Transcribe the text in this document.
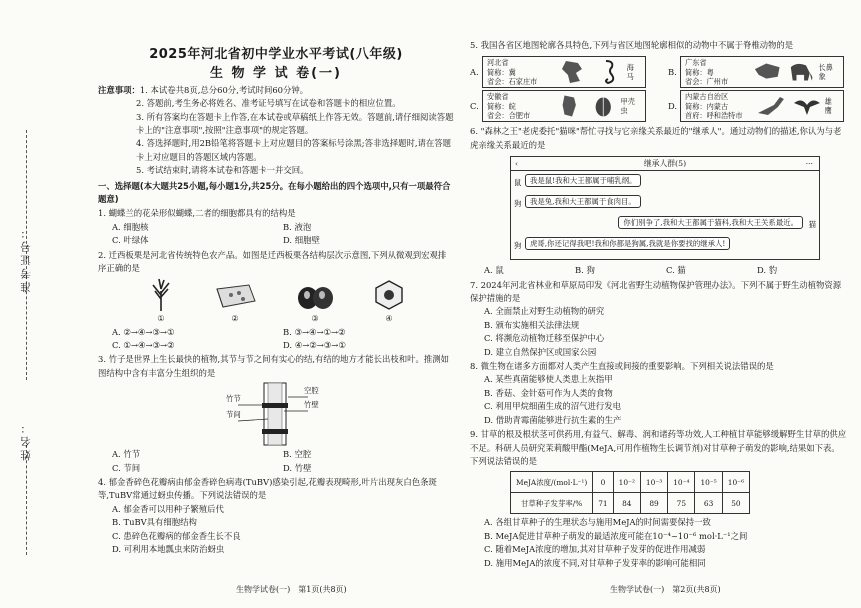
准考证号：
姓名：
2025年河北省初中学业水平考试(八年级)
生 物 学 试 卷(一)
注意事项： 1. 本试卷共8页,总分60分,考试时间60分钟。
2. 答题前,考生务必将姓名、准考证号填写在试卷和答题卡的相应位置。
3. 所有答案均在答题卡上作答,在本试卷或草稿纸上作答无效。答题前,请仔细阅读答题卡上的"注意事项",按照"注意事项"的规定答题。
4. 答选择题时,用2B铅笔将答题卡上对应题目的答案标号涂黑;答非选择题时,请在答题卡上对应题目的答题区域内答题。
5. 考试结束时,请将本试卷和答题卡一并交回。
一、选择题(本大题共25小题,每小题1分,共25分。在每小题给出的四个选项中,只有一项最符合题意)
1. 蝴蝶兰的花朵形似蝴蝶,二者的细胞都具有的结构是
A. 细胞核	B. 液泡
C. 叶绿体	D. 细胞壁
2. 迁西板栗是河北省传统特色农产品。如图是迁西板栗各结构层次示意图,下列从微观到宏观排序正确的是
①	②	③	④
A. ②→④→③→①	B. ③→④→①→②
C. ①→④→③→②	D. ④→②→③→①
3. 竹子是世界上生长最快的植物,其节与节之间有实心的结,有结的地方才能长出枝和叶。推测如图结构中含有丰富分生组织的是
竹节
节间
空腔
竹壁
A. 竹节	B. 空腔
C. 节间	D. 竹壁
4. 郁金香碎色花瓣病由郁金香碎色病毒(TuBV)感染引起,花瓣表现畸形,叶片出现灰白色条斑等,TuBV常通过蚜虫传播。下列说法错误的是
A. 郁金香可以用种子繁殖后代
B. TuBV具有细胞结构
C. 患碎色花瓣病的郁金香生长不良
D. 可利用本地瓢虫来防治蚜虫
生物学试卷(一)　第1页(共8页)
5. 我国各省区地图轮廓各具特色,下列与省区地图轮廓相似的动物中不属于脊椎动物的是
A.
河北省
简称：冀
省会：石家庄市
海马
B.
广东省
简称：粤
省会：广州市
长鼻象
C.
安徽省
简称：皖
省会：合肥市
甲壳虫
D.
内蒙古自治区
简称：内蒙古
首府：呼和浩特市
雄鹰
6. "森林之王"老虎委托"猫咪"帮忙寻找与它亲缘关系最近的"继承人"。通过动物们的描述,你认为与老虎亲缘关系最近的是
‹	继承人群(5)	···
鼠	我是鼠!我和大王都属于哺乳纲。
狗	我是兔,我和大王都属于食肉目。
你们别争了,我和大王都属于猫科,我和大王关系最近。	猫
狗	虎哥,你还记得我吧!我和你都是狗属,我就是你要找的继承人!
A. 鼠	B. 狗	C. 猫	D. 豹
7. 2024年河北省林业和草原局印发《河北省野生动植物保护管理办法》。下列不属于野生动植物资源保护措施的是
A. 全面禁止对野生动植物的研究
B. 颁布实施相关法律法规
C. 将濒危动植物迁移至保护中心
D. 建立自然保护区或国家公园
8. 微生物在诸多方面都对人类产生直接或间接的重要影响。下列相关说法错误的是
A. 某些真菌能够使人类患上灰指甲
B. 香菇、金针菇可作为人类的食物
C. 利用甲烷细菌生成的沼气进行发电
D. 借助青霉菌能够进行抗生素的生产
9. 甘草的根及根状茎可供药用,有益气、解毒、润和诸药等功效,人工种植甘草能够缓解野生甘草的供应不足。科研人员研究茉莉酸甲酯(MeJA,可用作植物生长调节剂)对甘草种子萌发的影响,结果如下表。下列说法错误的是
MeJA浓度/(mol·L⁻¹)	0	10⁻²	10⁻³	10⁻⁴	10⁻⁵	10⁻⁶
甘草种子发芽率/%	71	84	89	75	63	50
A. 各组甘草种子的生理状态与施用MeJA的时间需要保持一致
B. MeJA促进甘草种子萌发的最适浓度可能在10⁻⁴~10⁻⁶ mol·L⁻¹之间
C. 随着MeJA浓度的增加,其对甘草种子发芽的促进作用减弱
D. 施用MeJA的浓度不同,对甘草种子发芽率的影响可能相同
生物学试卷(一)　第2页(共8页)
